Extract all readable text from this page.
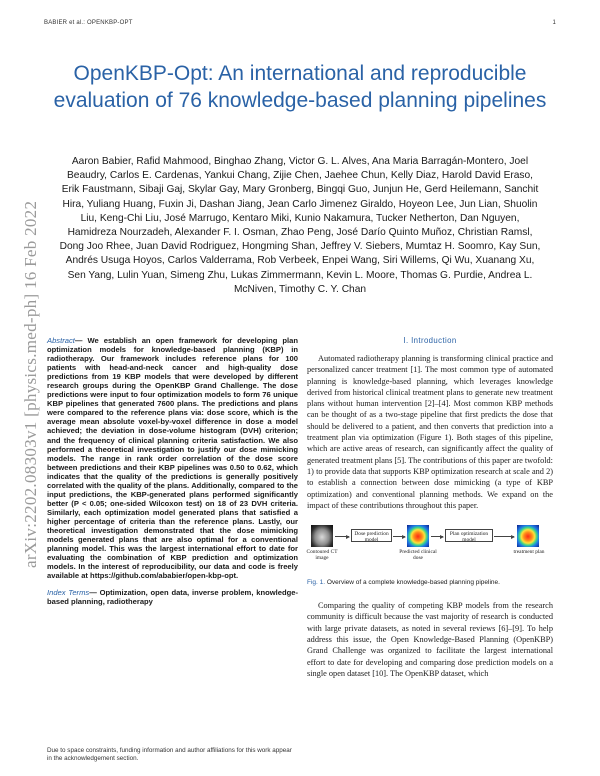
BABIER et al.: OPENKBP-OPT	1
arXiv:2202.08303v1 [physics.med-ph] 16 Feb 2022
OpenKBP-Opt: An international and reproducible evaluation of 76 knowledge-based planning pipelines
Aaron Babier, Rafid Mahmood, Binghao Zhang, Victor G. L. Alves, Ana Maria Barragán-Montero, Joel Beaudry, Carlos E. Cardenas, Yankui Chang, Zijie Chen, Jaehee Chun, Kelly Diaz, Harold David Eraso, Erik Faustmann, Sibaji Gaj, Skylar Gay, Mary Gronberg, Bingqi Guo, Junjun He, Gerd Heilemann, Sanchit Hira, Yuliang Huang, Fuxin Ji, Dashan Jiang, Jean Carlo Jimenez Giraldo, Hoyeon Lee, Jun Lian, Shuolin Liu, Keng-Chi Liu, José Marrugo, Kentaro Miki, Kunio Nakamura, Tucker Netherton, Dan Nguyen, Hamidreza Nourzadeh, Alexander F. I. Osman, Zhao Peng, José Darío Quinto Muñoz, Christian Ramsl, Dong Joo Rhee, Juan David Rodriguez, Hongming Shan, Jeffrey V. Siebers, Mumtaz H. Soomro, Kay Sun, Andrés Usuga Hoyos, Carlos Valderrama, Rob Verbeek, Enpei Wang, Siri Willems, Qi Wu, Xuanang Xu, Sen Yang, Lulin Yuan, Simeng Zhu, Lukas Zimmermann, Kevin L. Moore, Thomas G. Purdie, Andrea L. McNiven, Timothy C. Y. Chan

Abstract— We establish an open framework for developing plan optimization models for knowledge-based planning (KBP) in radiotherapy. Our framework includes reference plans for 100 patients with head-and-neck cancer and high-quality dose predictions from 19 KBP models that were developed by different research groups during the OpenKBP Grand Challenge. The dose predictions were input to four optimization models to form 76 unique KBP pipelines that generated 7600 plans. The predictions and plans were compared to the reference plans via: dose score, which is the average mean absolute voxel-by-voxel difference in dose a model achieved; the deviation in dose-volume histogram (DVH) criterion; and the frequency of clinical planning criteria satisfaction. We also performed a theoretical investigation to justify our dose mimicking models. The range in rank order correlation of the dose score between predictions and their KBP pipelines was 0.50 to 0.62, which indicates that the quality of the predictions is generally positively correlated with the quality of the plans. Additionally, compared to the input predictions, the KBP-generated plans performed significantly better (P < 0.05; one-sided Wilcoxon test) on 18 of 23 DVH criteria. Similarly, each optimization model generated plans that satisfied a higher percentage of criteria than the reference plans. Lastly, our theoretical investigation demonstrated that the dose mimicking models generated plans that are also optimal for a conventional planning model. This was the largest international effort to date for evaluating the combination of KBP prediction and optimization models. In the interest of reproducibility, our data and code is freely available at https://github.com/ababier/open-kbp-opt.

Index Terms— Optimization, open data, inverse problem, knowledge-based planning, radiotherapy

Due to space constraints, funding information and author affiliations for this work appear in the acknowledgement section.
I. Introduction

Automated radiotherapy planning is transforming clinical practice and personalized cancer treatment [1]. The most common type of automated planning is knowledge-based planning, which leverages knowledge derived from historical clinical treatment plans to generate new treatment plans without human intervention [2]–[4]. Most common KBP methods can be thought of as a two-stage pipeline that first predicts the dose that should be delivered to a patient, and then converts that prediction into a treatment plan via optimization (Figure 1). Both stages of this pipeline, which are active areas of research, can significantly affect the quality of generated treatment plans [5]. The contributions of this paper are twofold: 1) to provide data that supports KBP optimization research at scale and 2) to establish a connection between dose mimicking (a type of KBP optimization) and conventional planning methods. We expand on the impact of these contributions throughout this paper.

Contoured CT image
Dose prediction model
Predicted clinical dose
Plan optimization model
treatment plan

Fig. 1. Overview of a complete knowledge-based planning pipeline.

Comparing the quality of competing KBP models from the research community is difficult because the vast majority of research is conducted with large private datasets, as noted in several reviews [6]–[9]. To help address this issue, the Open Knowledge-Based Planning (OpenKBP) Grand Challenge was organized to facilitate the largest international effort to date for developing and comparing dose prediction models on a single open dataset [10]. The OpenKBP dataset, which
